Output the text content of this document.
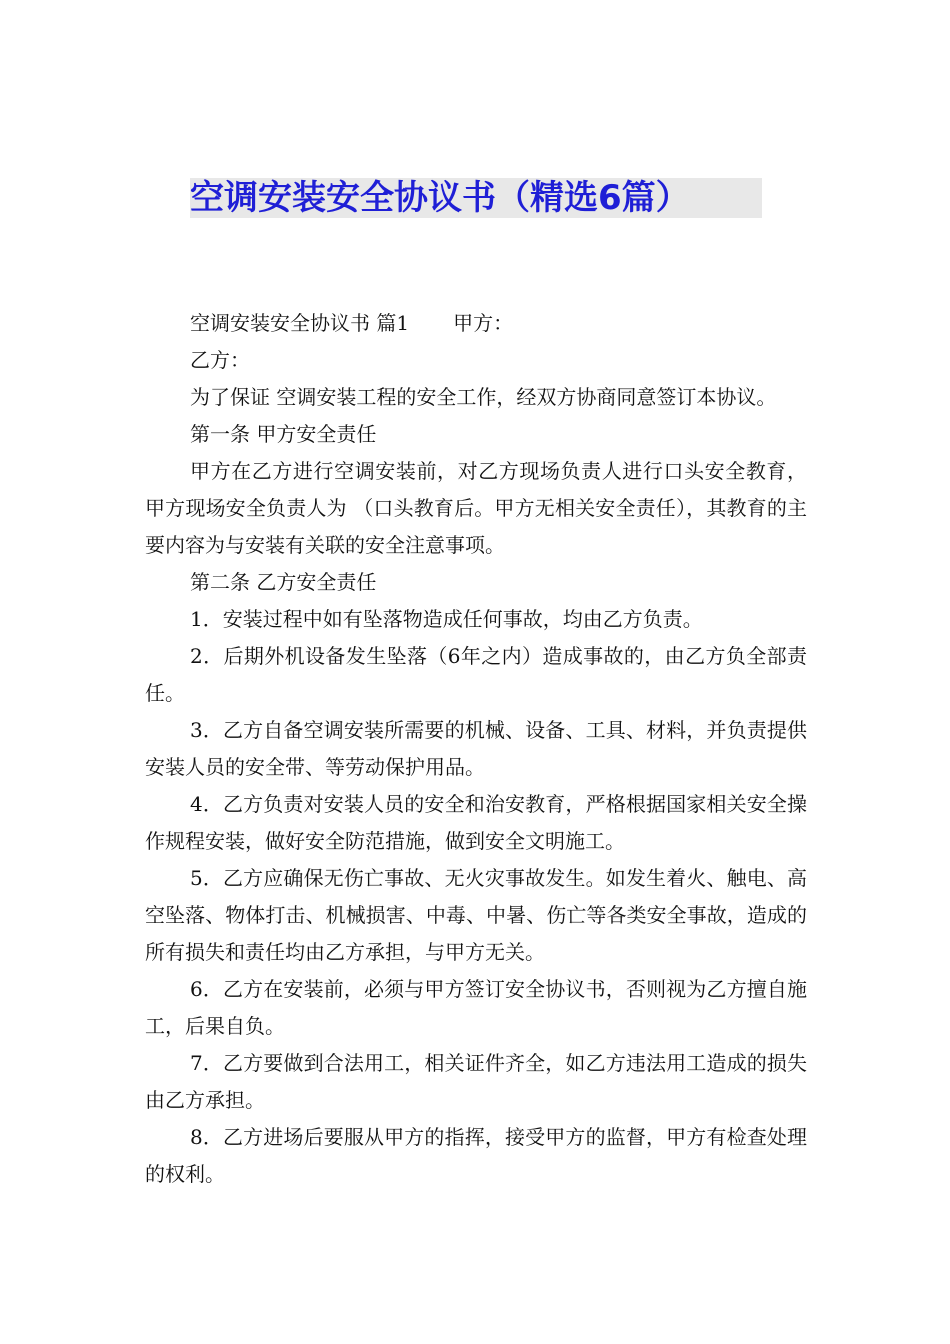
空调安装安全协议书（精选6篇）

空调安装安全协议书 篇1 甲方：

乙方：

为了保证 空调安装工程的安全工作，经双方协商同意签订本协议。

第一条 甲方安全责任

甲方在乙方进行空调安装前，对乙方现场负责人进行口头安全教育，甲方现场安全负责人为 （口头教育后。甲方无相关安全责任），其教育的主要内容为与安装有关联的安全注意事项。

第二条 乙方安全责任

1．安装过程中如有坠落物造成任何事故，均由乙方负责。

2．后期外机设备发生坠落（6年之内）造成事故的，由乙方负全部责任。

3．乙方自备空调安装所需要的机械、设备、工具、材料，并负责提供安装人员的安全带、等劳动保护用品。

4．乙方负责对安装人员的安全和治安教育，严格根据国家相关安全操作规程安装，做好安全防范措施，做到安全文明施工。

5．乙方应确保无伤亡事故、无火灾事故发生。如发生着火、触电、高空坠落、物体打击、机械损害、中毒、中暑、伤亡等各类安全事故，造成的所有损失和责任均由乙方承担，与甲方无关。

6．乙方在安装前，必须与甲方签订安全协议书，否则视为乙方擅自施工，后果自负。

7．乙方要做到合法用工，相关证件齐全，如乙方违法用工造成的损失由乙方承担。

8．乙方进场后要服从甲方的指挥，接受甲方的监督，甲方有检查处理的权利。
